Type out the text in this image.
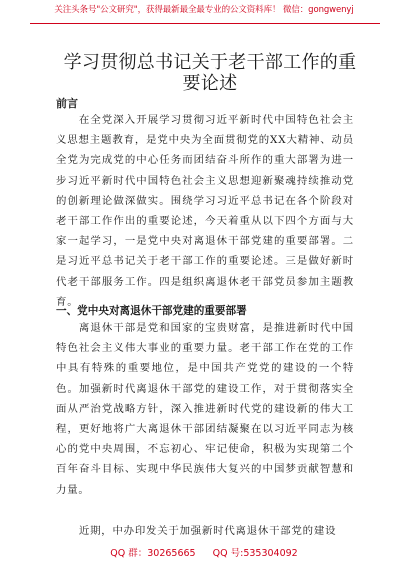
关注头条号"公文研究"，获得最新最全最专业的公文资料库！ 微信：gongwenyj
学习贯彻总书记关于老干部工作的重要论述
前言

在全党深入开展学习贯彻习近平新时代中国特色社会主义思想主题教育，是党中央为全面贯彻党的XX大精神、动员全党为完成党的中心任务而团结奋斗所作的重大部署为进一步习近平新时代中国特色社会主义思想迎新聚魂持续推动党的创新理论做深做实。围绕学习习近平总书记在各个阶段对老干部工作作出的重要论述，今天着重从以下四个方面与大家一起学习，一是党中央对离退休干部党建的重要部署。二是习近平总书记关于老干部工作的重要论述。三是做好新时代老干部服务工作。四是组织离退休老干部党员参加主题教育。

一、党中央对离退休干部党建的重要部署

离退休干部是党和国家的宝贵财富，是推进新时代中国特色社会主义伟大事业的重要力量。老干部工作在党的工作中具有特殊的重要地位，是中国共产党党的建设的一个特色。加强新时代离退休干部党的建设工作，对于贯彻落实全面从严治党战略方针，深入推进新时代党的建设新的伟大工程，更好地将广大离退休干部团结凝聚在以习近平同志为核心的党中央周围，不忘初心、牢记使命，积极为实现第二个百年奋斗目标、实现中华民族伟大复兴的中国梦贡献智慧和力量。

近期，中办印发关于加强新时代离退休干部党的建设

QQ 群：30265665 QQ 号:535304092
